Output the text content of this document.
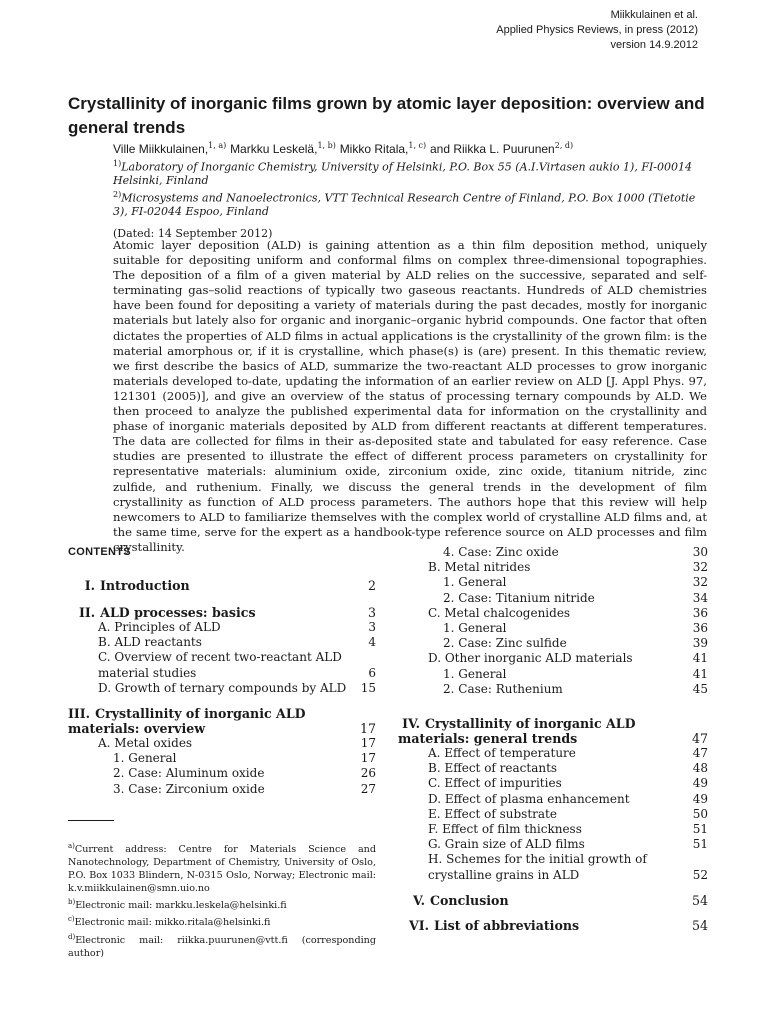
Miikkulainen et al.
Applied Physics Reviews, in press (2012)
version 14.9.2012
Crystallinity of inorganic films grown by atomic layer deposition: overview and general trends
Ville Miikkulainen,$^{1, a)}$ Markku Leskelä,$^{1, b)}$ Mikko Ritala,$^{1, c)}$ and Riikka L. Puurunen$^{2, d)}$
$^{1)}$Laboratory of Inorganic Chemistry, University of Helsinki, P.O. Box 55 (A.I.Virtasen aukio 1), FI-00014 Helsinki, Finland
$^{2)}$Microsystems and Nanoelectronics, VTT Technical Research Centre of Finland, P.O. Box 1000 (Tietotie 3), FI-02044 Espoo, Finland
(Dated: 14 September 2012)

Atomic layer deposition (ALD) is gaining attention as a thin film deposition method, uniquely suitable for depositing uniform and conformal films on complex three-dimensional topographies. The deposition of a film of a given material by ALD relies on the successive, separated and self-terminating gas–solid reactions of typically two gaseous reactants. Hundreds of ALD chemistries have been found for depositing a variety of materials during the past decades, mostly for inorganic materials but lately also for organic and inorganic–organic hybrid compounds. One factor that often dictates the properties of ALD films in actual applications is the crystallinity of the grown film: is the material amorphous or, if it is crystalline, which phase(s) is (are) present. In this thematic review, we first describe the basics of ALD, summarize the two-reactant ALD processes to grow inorganic materials developed to-date, updating the information of an earlier review on ALD [J. Appl Phys. 97, 121301 (2005)], and give an overview of the status of processing ternary compounds by ALD. We then proceed to analyze the published experimental data for information on the crystallinity and phase of inorganic materials deposited by ALD from different reactants at different temperatures. The data are collected for films in their as-deposited state and tabulated for easy reference. Case studies are presented to illustrate the effect of different process parameters on crystallinity for representative materials: aluminium oxide, zirconium oxide, zinc oxide, titanium nitride, zinc zulfide, and ruthenium. Finally, we discuss the general trends in the development of film crystallinity as function of ALD process parameters. The authors hope that this review will help newcomers to ALD to familiarize themselves with the complex world of crystalline ALD films and, at the same time, serve for the expert as a handbook-type reference source on ALD processes and film crystallinity.

CONTENTS
I. Introduction	2
II. ALD processes: basics	3
A. Principles of ALD	3
B. ALD reactants	4
C. Overview of recent two-reactant ALD material studies	6
D. Growth of ternary compounds by ALD	15
III. Crystallinity of inorganic ALD materials: overview	17
A. Metal oxides	17
1. General	17
2. Case: Aluminum oxide	26
3. Case: Zirconium oxide	27
4. Case: Zinc oxide	30
B. Metal nitrides	32
1. General	32
2. Case: Titanium nitride	34
C. Metal chalcogenides	36
1. General	36
2. Case: Zinc sulfide	39
D. Other inorganic ALD materials	41
1. General	41
2. Case: Ruthenium	45
IV. Crystallinity of inorganic ALD materials: general trends	47
A. Effect of temperature	47
B. Effect of reactants	48
C. Effect of impurities	49
D. Effect of plasma enhancement	49
E. Effect of substrate	50
F. Effect of film thickness	51
G. Grain size of ALD films	51
H. Schemes for the initial growth of crystalline grains in ALD	52
V. Conclusion	54
VI. List of abbreviations	54

$^{a)}$Current address: Centre for Materials Science and Nanotechnology, Department of Chemistry, University of Oslo, P.O. Box 1033 Blindern, N-0315 Oslo, Norway; Electronic mail: k.v.miikkulainen@smn.uio.no

$^{b)}$Electronic mail: markku.leskela@helsinki.fi

$^{c)}$Electronic mail: mikko.ritala@helsinki.fi

$^{d)}$Electronic mail: riikka.puurunen@vtt.fi (corresponding author)
